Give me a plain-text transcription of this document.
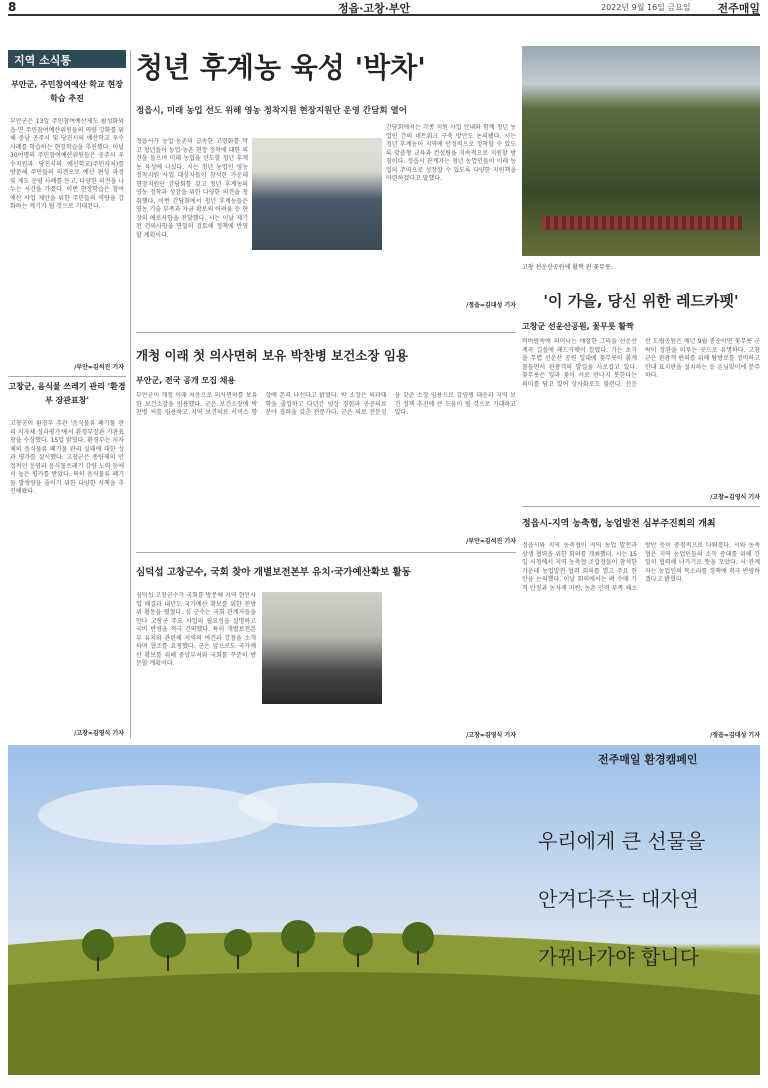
8	정읍·고창·부안	2022년 9월 16일 금요일 전주매일
지역 소식통
부안군, 주민참여예산 학교 현장학습 추진
부안군은 13일 주민참여예산제도 활성화와 읍·면 주민참여예산위원들의 역량 강화를 위해 중남 공주시 및 당진시의 예산학교 우수사례를 학습하는 현장학습을 추진했다. 이날 30여명의 주민참여예산위원들은 공주시 우수지원과 당진시의 예산학교(주민자치)를 방문해 주민들의 의견으로 예산 편성 과정 및 제도 운영 사례를 듣고, 다양한 의견을 나누는 시간을 가졌다. 이번 현장학습은 참여예산 사업 제안을 위한 주민들의 역량을 강화하는 계기가 될 것으로 기대된다.
/부안=김석진 기자
고창군, 음식물 쓰레기 관리 '환경부 장관표창'
고창군이 환경부 주관 '음식물류 폐기물 관리 지자체 성과평가'에서 환경부장관 기관표창을 수상했다. 15일 밝혔다. 환경부는 지자체의 음식물류 폐기물 관리 실태에 대한 성과 평가를 실시했다. 고창군은 종량제의 안정적인 운영과 음식물쓰레기 감량 노력 등에서 높은 평가를 받았다. 특히 음식물류 폐기물 발생량을 줄이기 위한 다양한 시책을 추진해왔다.
/고창=김영식 기자
청년 후계농 육성 '박차'
정읍시, 미래 농업 선도 위해 영농 정착지원 현장지원단 운영 간담회 열어
정읍시가 농업·농촌의 급속한 고령화를 막고 청년들이 농업·농촌 현장 정착에 대한 의견을 들으며 미래 농업을 선도할 청년 후계농 육성에 나섰다. 시는 청년 농업인 영농 정착지원 사업 대상자들이 참석한 가운데 현장지원단 간담회를 갖고 청년 후계농의 영농 정착과 성장을 위한 다양한 의견을 청취했다. 이번 간담회에서 청년 후계농들은 영농 기술 부족과 자금 확보의 어려움 등 현장의 애로사항을 전달했다. 시는 이날 제기된 건의사항을 면밀히 검토해 정책에 반영할 계획이다.
간담회에서는 각종 지원 사업 안내와 함께 청년 농업인 간의 네트워크 구축 방안도 논의됐다. 시는 청년 후계농이 지역에 안정적으로 정착할 수 있도록 맞춤형 교육과 컨설팅을 지속적으로 지원할 방침이다. 정읍시 관계자는 청년 농업인들이 미래 농업의 주역으로 성장할 수 있도록 다양한 지원책을 마련하겠다고 말했다.
/정읍=김대성 기자
고창 선운산공원에 활짝 핀 꽃무릇.
'이 가을, 당신 위한 레드카펫'
고창군 선운산공원, 꽃무릇 활짝
비바람속에 피어나는 애절한 그리움 선운산 계곡 길섶에 레드카펫이 깔렸다. 가는 초가을 무렵 선운산 공원 일대에 꽃무릇이 붉게 물들면서 관광객의 발길을 사로잡고 있다. 꽃무릇은 잎과 꽃이 서로 만나지 못한다는 의미를 담고 있어 상사화로도 불린다. 선운산 도립공원은 매년 9월 중순이면 꽃무릇 군락이 장관을 이루는 곳으로 유명하다. 고창군은 관광객 편의를 위해 탐방로를 정비하고 안내 표지판을 설치하는 등 손님맞이에 분주하다.
/고창=김영식 기자
개청 이래 첫 의사면허 보유 박찬병 보건소장 임용
부안군, 전국 공개 모집 채용
부안군이 개청 이래 처음으로 의사면허를 보유한 보건소장을 임용했다. 군은 보건소장에 박찬병 씨를 임용하고 지역 보건의료 서비스 향상에 본격 나선다고 밝혔다. 박 소장은 의과대학을 졸업하고 다년간 임상 경험과 공공의료 분야 경력을 갖춘 전문가다. 군은 의료 전문성을 갖춘 소장 임용으로 감염병 대응과 지역 보건 정책 추진에 큰 도움이 될 것으로 기대하고 있다.
/부안=김석진 기자
심덕섭 고창군수, 국회 찾아 개별보전본부 유치·국가예산확보 활동
심덕섭 고창군수가 국회를 방문해 지역 현안사업 해결과 내년도 국가예산 확보를 위한 전방위 활동을 펼쳤다. 심 군수는 국회 관계자들을 만나 고창군 주요 사업의 필요성을 설명하고 국비 반영을 적극 건의했다. 특히 개별보전본부 유치와 관련해 지역의 여건과 강점을 소개하며 협조를 요청했다. 군은 앞으로도 국가예산 확보를 위해 중앙부처와 국회를 꾸준히 방문할 계획이다.
/고창=김영식 기자
정읍시-지역 농축협, 농업발전 심부주진회의 개최
정읍시와 지역 농축협이 지역 농업 발전과 상생 협력을 위한 회의를 개최했다. 시는 15일 시청에서 지역 농축협 조합장들이 참석한 가운데 농업발전 협력 회의를 열고 주요 현안을 논의했다. 이날 회의에서는 벼 수매 가격 안정과 농자재 지원, 농촌 인력 부족 해소 방안 등이 중점적으로 다뤄졌다. 시와 농축협은 지역 농업인들의 소득 증대를 위해 긴밀히 협력해 나가기로 뜻을 모았다. 시 관계자는 농업인의 목소리를 정책에 적극 반영하겠다고 밝혔다.
/정읍=김대성 기자
전주매일 환경캠페인
우리에게 큰 선물을
안겨다주는 대자연
가꿔나가야 합니다
